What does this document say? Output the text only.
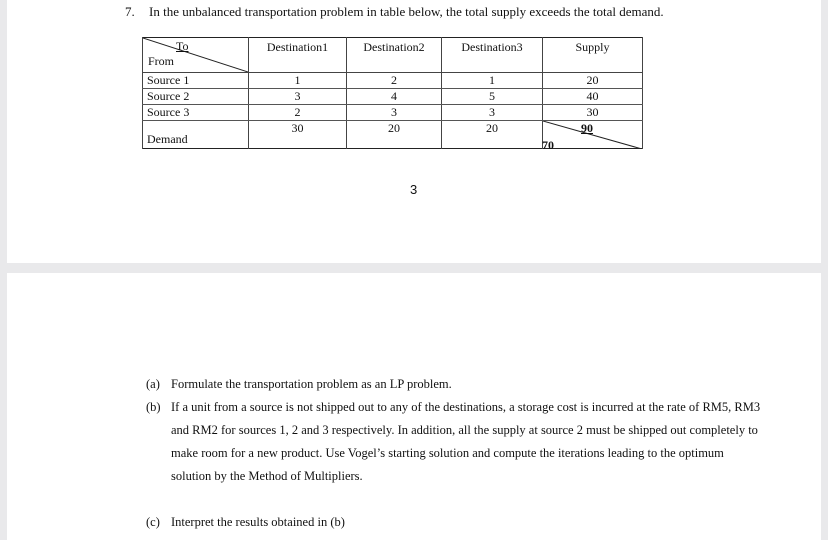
7. In the unbalanced transportation problem in table below, the total supply exceeds the total demand.
To
From	Destination1	Destination2	Destination3	Supply
Source 1	1	2	1	20
Source 2	3	4	5	40
Source 3	2	3	3	30
Demand	30	20	20	90
70
3
(a) Formulate the transportation problem as an LP problem.
(b) If a unit from a source is not shipped out to any of the destinations, a storage cost is incurred at the rate of RM5, RM3 and RM2 for sources 1, 2 and 3 respectively. In addition, all the supply at source 2 must be shipped out completely to make room for a new product. Use Vogel’s starting solution and compute the iterations leading to the optimum solution by the Method of Multipliers.
(c) Interpret the results obtained in (b)
